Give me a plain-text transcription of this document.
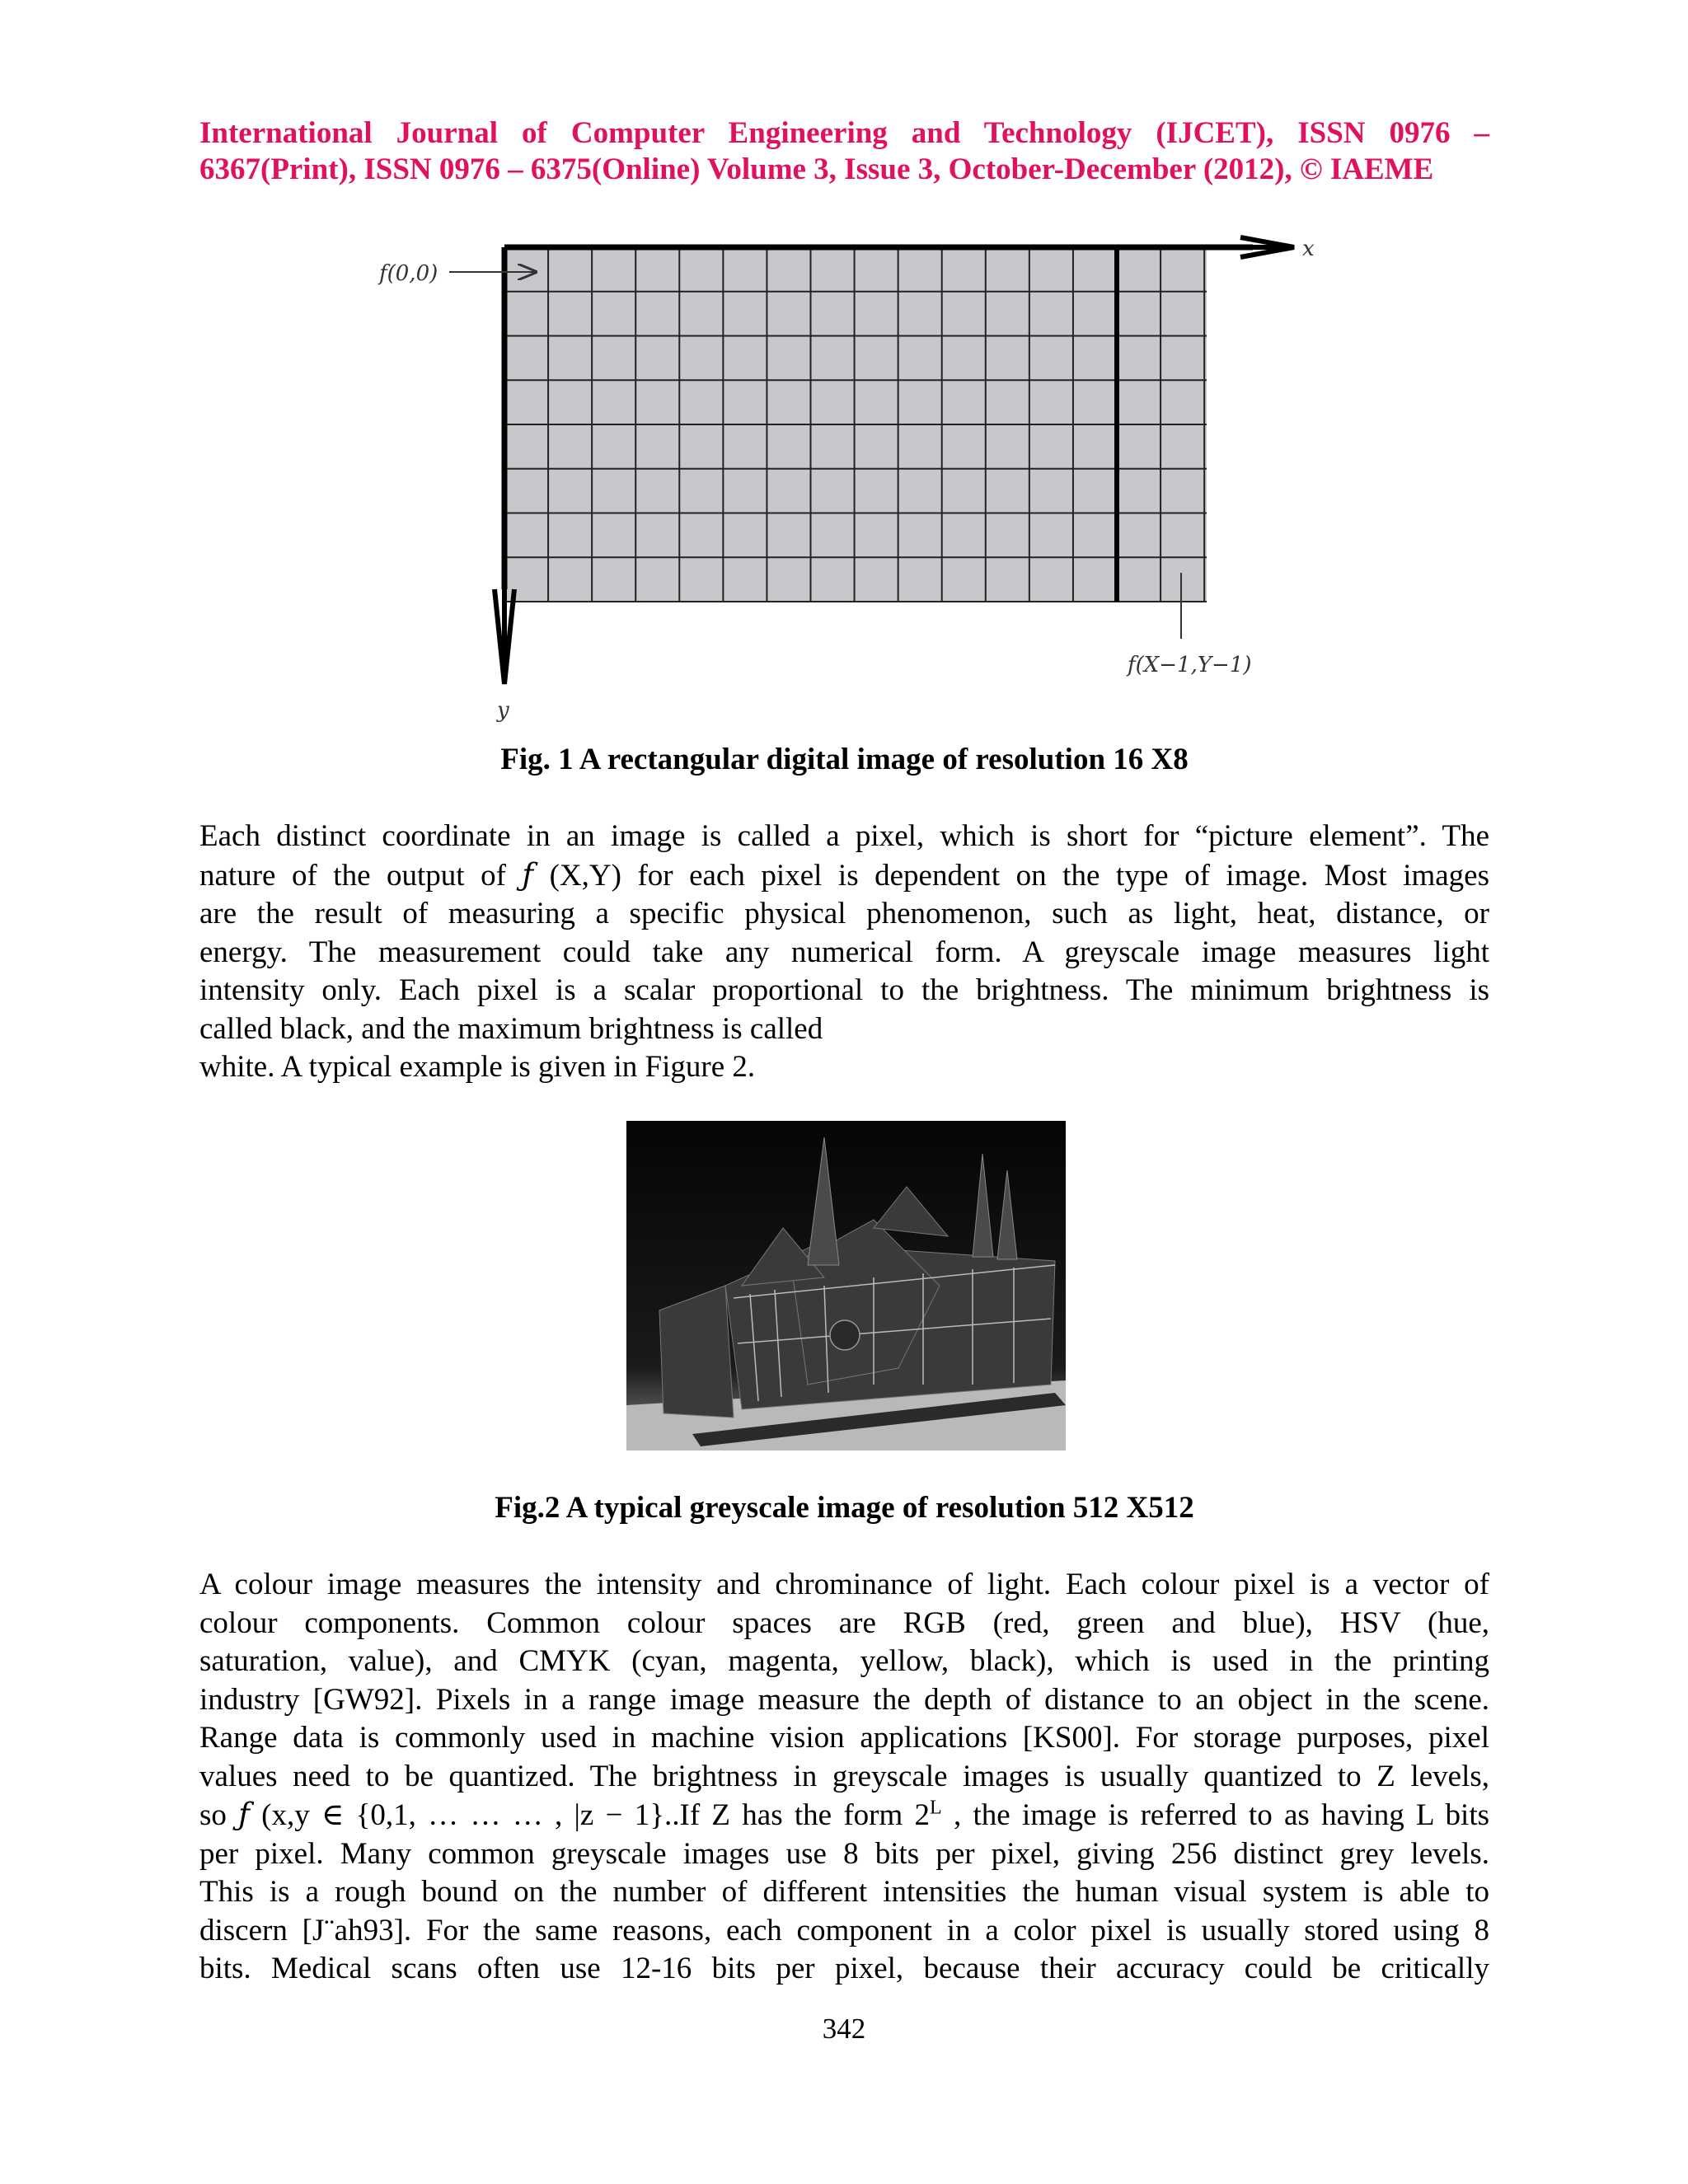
International Journal of Computer Engineering and Technology (IJCET), ISSN 0976 –
6367(Print), ISSN 0976 – 6375(Online) Volume 3, Issue 3, October-December (2012), © IAEME
f(0,0)
x
y
f(X−1,Y−1)
Fig. 1 A rectangular digital image of resolution 16 X8
Each distinct coordinate in an image is called a pixel, which is short for “picture element”. The
nature of the output of ƒ (X,Y) for each pixel is dependent on the type of image. Most images
are the result of measuring a specific physical phenomenon, such as light, heat, distance, or
energy. The measurement could take any numerical form. A greyscale image measures light
intensity only. Each pixel is a scalar proportional to the brightness. The minimum brightness is
called black, and the maximum brightness is called
white. A typical example is given in Figure 2.
Fig.2 A typical greyscale image of resolution 512 X512
A colour image measures the intensity and chrominance of light. Each colour pixel is a vector of
colour components. Common colour spaces are RGB (red, green and blue), HSV (hue,
saturation, value), and CMYK (cyan, magenta, yellow, black), which is used in the printing
industry [GW92]. Pixels in a range image measure the depth of distance to an object in the scene.
Range data is commonly used in machine vision applications [KS00]. For storage purposes, pixel
values need to be quantized. The brightness in greyscale images is usually quantized to Z levels,
so ƒ (x,y ∈ {0,1, … … … , |z − 1}..If Z has the form $2^L$ , the image is referred to as having L bits
per pixel. Many common greyscale images use 8 bits per pixel, giving 256 distinct grey levels.
This is a rough bound on the number of different intensities the human visual system is able to
discern [J¨ah93]. For the same reasons, each component in a color pixel is usually stored using 8
bits. Medical scans often use 12-16 bits per pixel, because their accuracy could be critically
342
